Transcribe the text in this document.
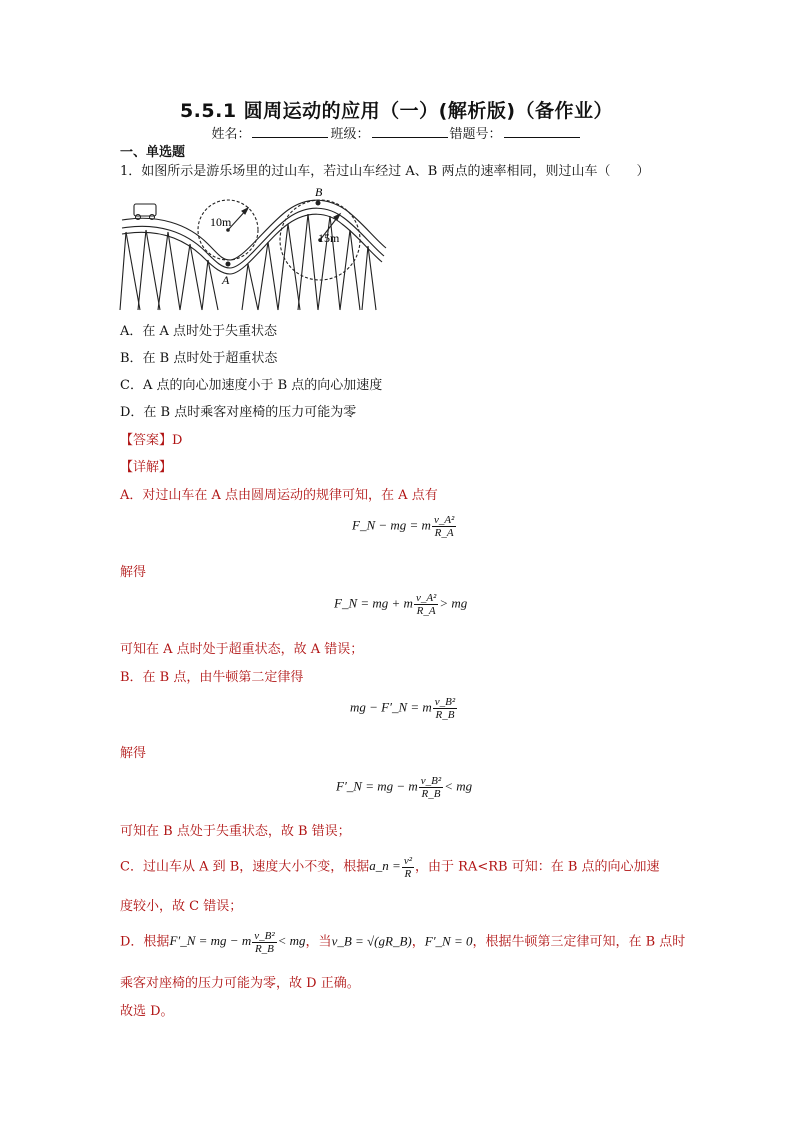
5.5.1 圆周运动的应用（一）(解析版)（备作业）
姓名：	班级：	错题号：
一、单选题
1．如图所示是游乐场里的过山车，若过山车经过 A、B 两点的速率相同，则过山车（　　）
10m
15m
A
B
A．在 A 点时处于失重状态
B．在 B 点时处于超重状态
C．A 点的向心加速度小于 B 点的向心加速度
D．在 B 点时乘客对座椅的压力可能为零
【答案】D
【详解】
A．对过山车在 A 点由圆周运动的规律可知，在 A 点有
F_N − mg = m $\frac{\text{v\_A²}}{R\_A}$
解得
F_N = mg + m $\frac{\text{v\_A²}}{R\_A}$ > mg
可知在 A 点时处于超重状态，故 A 错误；
B．在 B 点，由牛顿第二定律得
mg − F′_N = m $\frac{\text{v\_B²}}{R\_B}$
解得
F′_N = mg − m $\frac{\text{v\_B²}}{R\_B}$ < mg
可知在 B 点处于失重状态，故 B 错误；
C．过山车从 A 到 B，速度大小不变，根据a_n = $\frac{\text{v²}}{R}$ ，由于 RA<RB 可知：在 B 点的向心加速
度较小，故 C 错误；
D．根据F′_N = mg − m $\frac{\text{v\_B²}}{R\_B}$ < mg，当v_B = √(gR_B)，F′_N = 0，根据牛顿第三定律可知，在 B 点时
乘客对座椅的压力可能为零，故 D 正确。
故选 D。
